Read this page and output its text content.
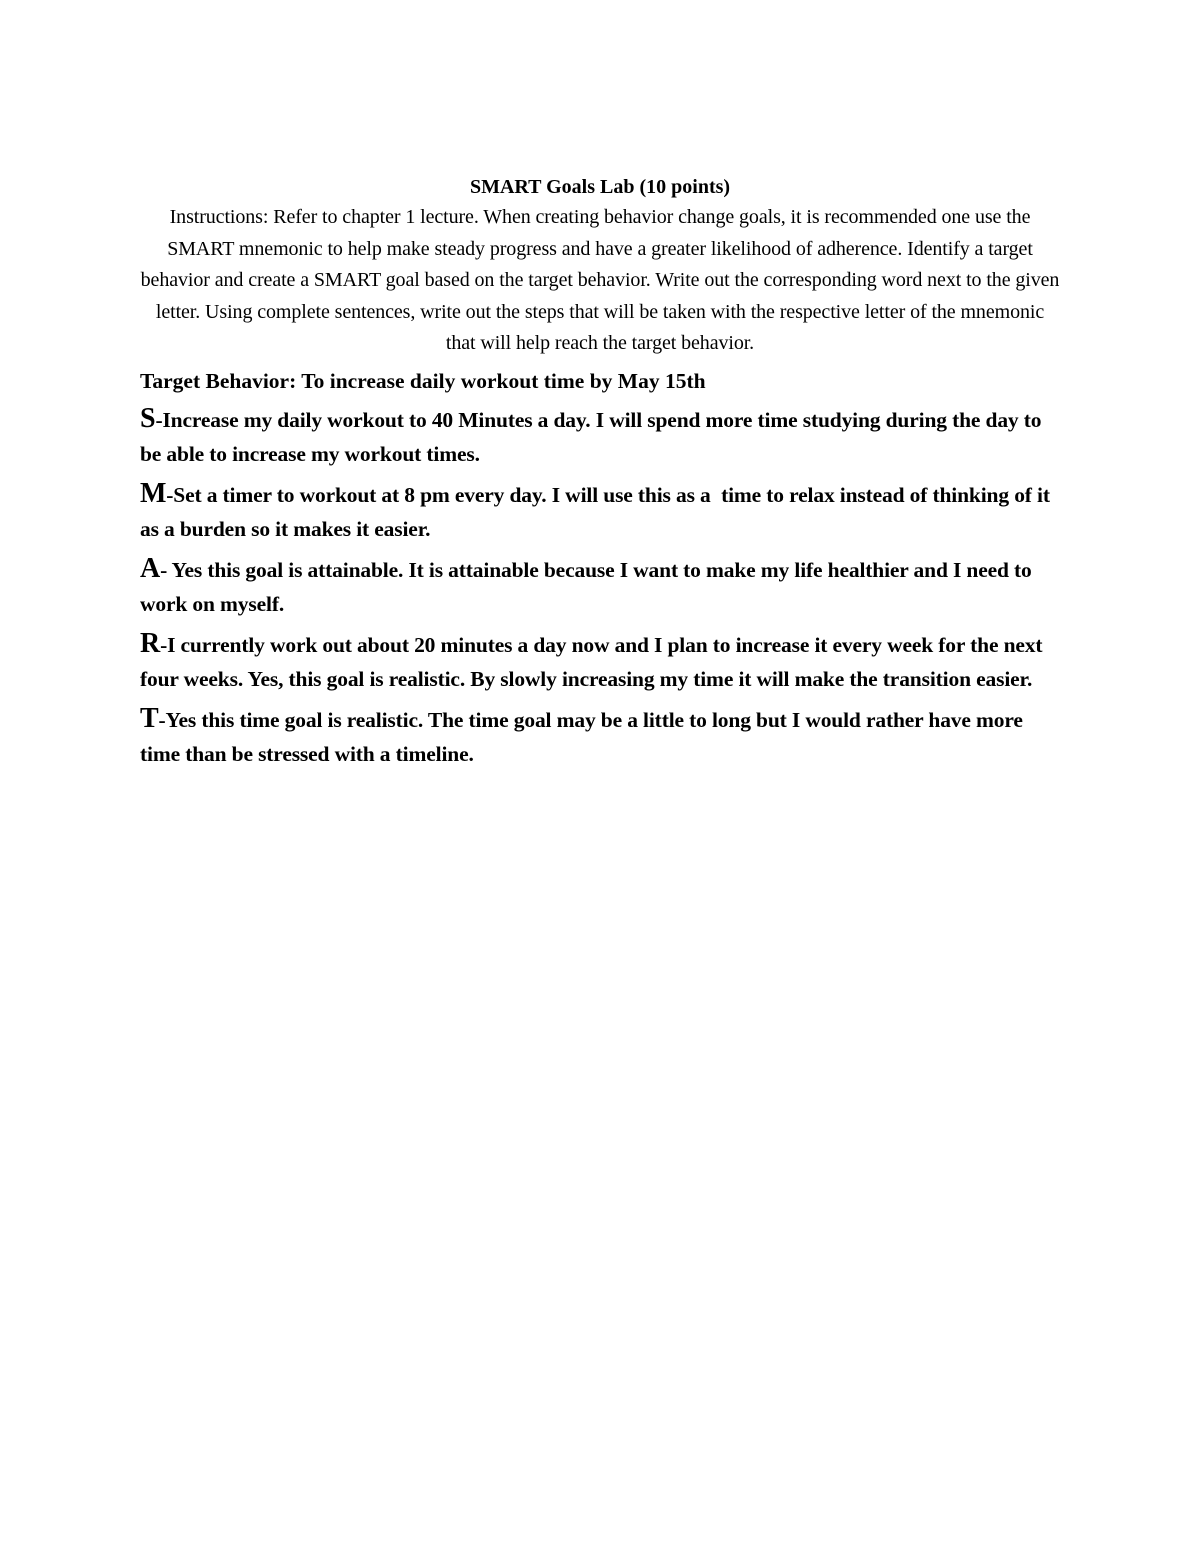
SMART Goals Lab (10 points)

Instructions: Refer to chapter 1 lecture. When creating behavior change goals, it is recommended one use the SMART mnemonic to help make steady progress and have a greater likelihood of adherence. Identify a target behavior and create a SMART goal based on the target behavior. Write out the corresponding word next to the given letter. Using complete sentences, write out the steps that will be taken with the respective letter of the mnemonic that will help reach the target behavior.

Target Behavior: To increase daily workout time by May 15th

S-Increase my daily workout to 40 Minutes a day. I will spend more time studying during the day to be able to increase my workout times.

M-Set a timer to workout at 8 pm every day. I will use this as a  time to relax instead of thinking of it as a burden so it makes it easier.

A- Yes this goal is attainable. It is attainable because I want to make my life healthier and I need to work on myself.

R-I currently work out about 20 minutes a day now and I plan to increase it every week for the next four weeks. Yes, this goal is realistic. By slowly increasing my time it will make the transition easier.

T-Yes this time goal is realistic. The time goal may be a little to long but I would rather have more time than be stressed with a timeline.
